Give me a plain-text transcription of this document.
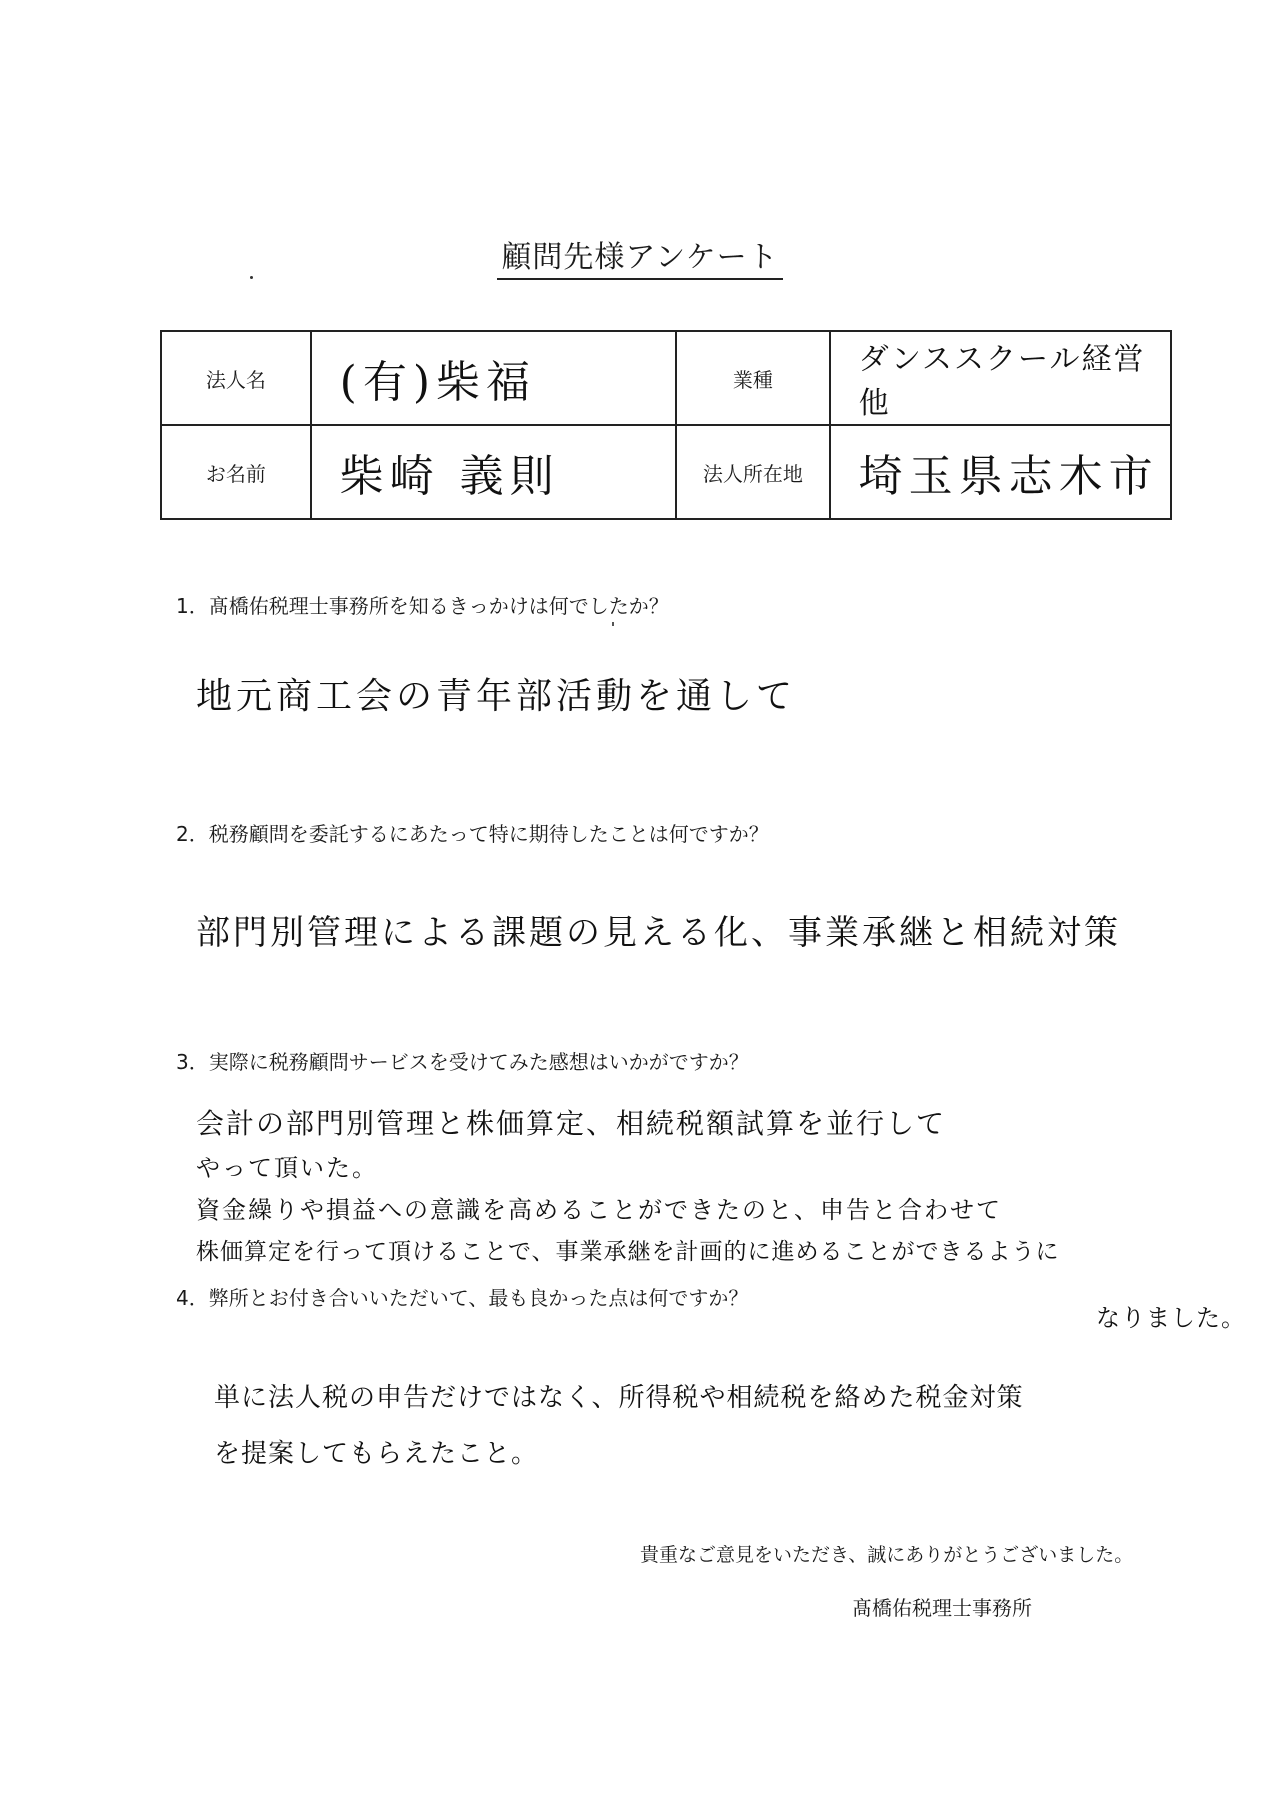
顧問先様アンケート
法人名	(有)柴福	業種	ダンススクール経営他
お名前	柴崎 義則	法人所在地	埼玉県志木市
1．髙橋佑税理士事務所を知るきっかけは何でしたか？
地元商工会の青年部活動を通して
2．税務顧問を委託するにあたって特に期待したことは何ですか？
部門別管理による課題の見える化、事業承継と相続対策
3．実際に税務顧問サービスを受けてみた感想はいかがですか？
会計の部門別管理と株価算定、相続税額試算を並行して
やって頂いた。
資金繰りや損益への意識を高めることができたのと、申告と合わせて
株価算定を行って頂けることで、事業承継を計画的に進めることができるように
なりました。
4．弊所とお付き合いいただいて、最も良かった点は何ですか？
単に法人税の申告だけではなく、所得税や相続税を絡めた税金対策
を提案してもらえたこと。
貴重なご意見をいただき、誠にありがとうございました。
髙橋佑税理士事務所
